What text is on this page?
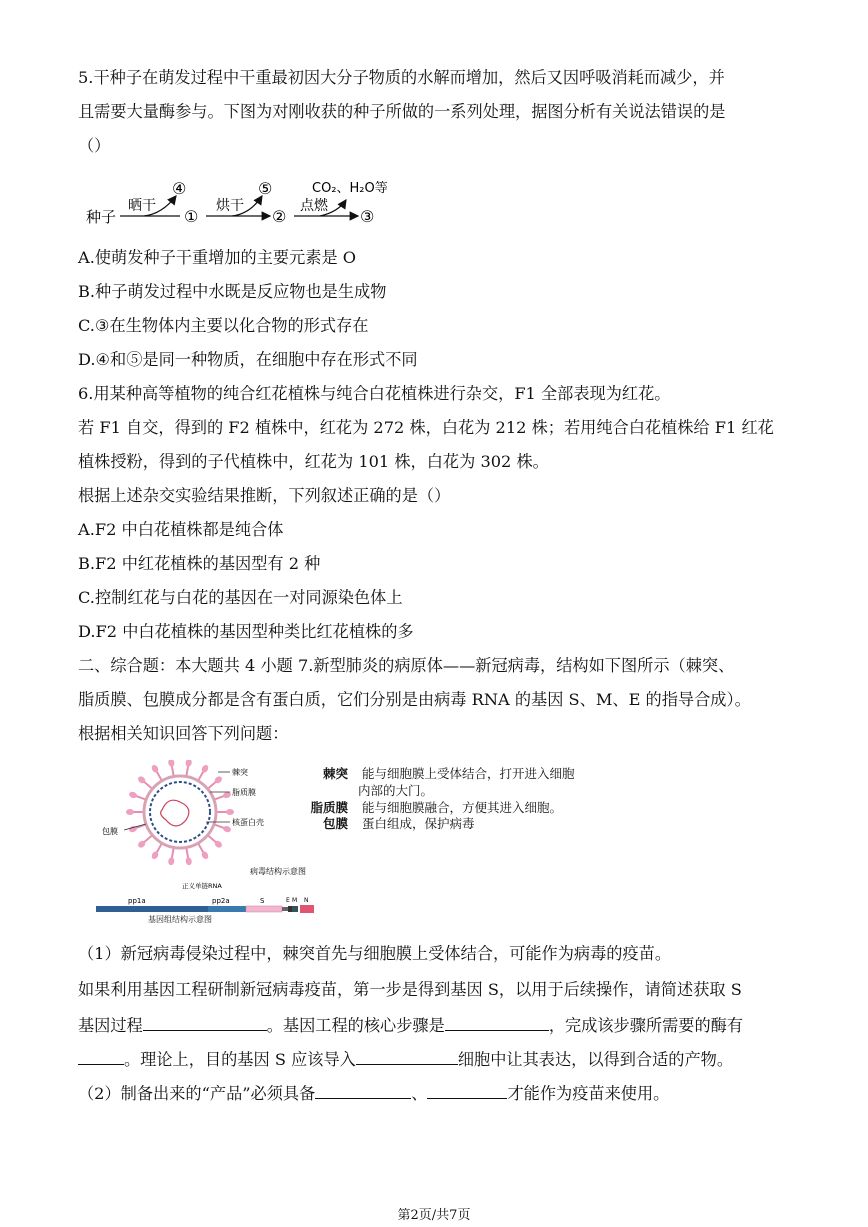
5.干种子在萌发过程中干重最初因大分子物质的水解而增加，然后又因呼吸消耗而减少，并
且需要大量酶参与。下图为对刚收获的种子所做的一系列处理，据图分析有关说法错误的是
（）
种子
晒干
④
①
烘干
⑤
②
点燃
CO₂、H₂O等
③
A.使萌发种子干重增加的主要元素是 O
B.种子萌发过程中水既是反应物也是生成物
C.③在生物体内主要以化合物的形式存在
D.④和⑤是同一种物质，在细胞中存在形式不同
6.用某种高等植物的纯合红花植株与纯合白花植株进行杂交，F1 全部表现为红花。
若 F1 自交，得到的 F2 植株中，红花为 272 株，白花为 212 株；若用纯合白花植株给 F1 红花
植株授粉，得到的子代植株中，红花为 101 株，白花为 302 株。
根据上述杂交实验结果推断，下列叙述正确的是（）
A.F2 中白花植株都是纯合体
B.F2 中红花植株的基因型有 2 种
C.控制红花与白花的基因在一对同源染色体上
D.F2 中白花植株的基因型种类比红花植株的多
二、综合题：本大题共 4 小题 7.新型肺炎的病原体——新冠病毒，结构如下图所示（棘突、
脂质膜、包膜成分都是含有蛋白质，它们分别是由病毒 RNA 的基因 S、M、E 的指导合成）。
根据相关知识回答下列问题：
棘突
脂质膜
核蛋白壳
包膜
病毒结构示意图
正义单链RNA
pp1a	pp2a	S	E M N
基因组结构示意图
棘突 能与细胞膜上受体结合，打开进入细胞
内部的大门。
脂质膜 能与细胞膜融合，方便其进入细胞。
包膜 蛋白组成，保护病毒
（1）新冠病毒侵染过程中，棘突首先与细胞膜上受体结合，可能作为病毒的疫苗。
如果利用基因工程研制新冠病毒疫苗，第一步是得到基因 S，以用于后续操作，请简述获取 S
基因过程	。基因工程的核心步骤是	，完成该步骤所需要的酶有
。理论上，目的基因 S 应该导入	细胞中让其表达，以得到合适的产物。
（2）制备出来的“产品”必须具备	、	才能作为疫苗来使用。
第2页/共7页
